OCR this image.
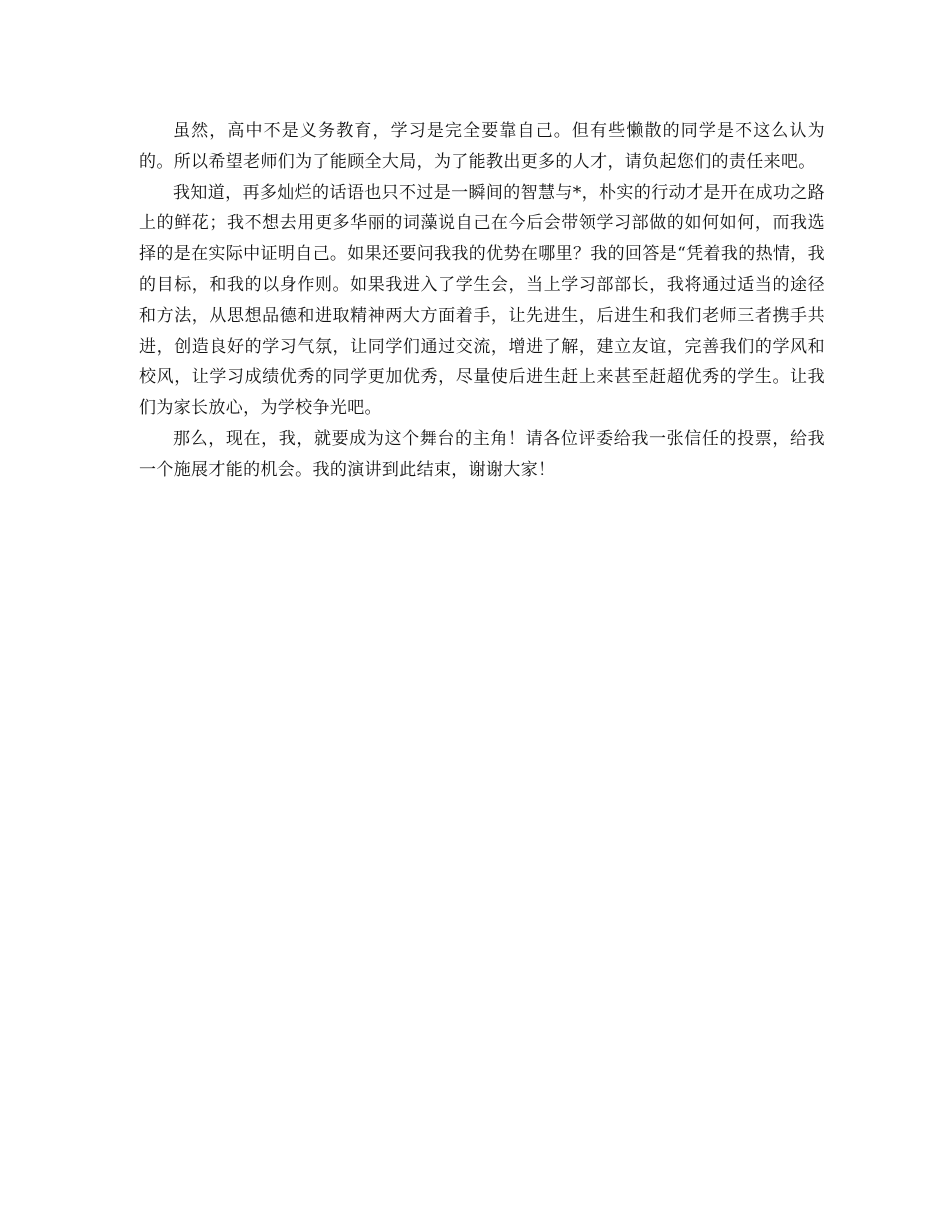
虽然，高中不是义务教育，学习是完全要靠自己。但有些懒散的同学是不这么认为的。所以希望老师们为了能顾全大局，为了能教出更多的人才，请负起您们的责任来吧。

我知道，再多灿烂的话语也只不过是一瞬间的智慧与*，朴实的行动才是开在成功之路上的鲜花；我不想去用更多华丽的词藻说自己在今后会带领学习部做的如何如何，而我选择的是在实际中证明自己。如果还要问我我的优势在哪里？我的回答是“凭着我的热情，我的目标，和我的以身作则。如果我进入了学生会，当上学习部部长，我将通过适当的途径和方法，从思想品德和进取精神两大方面着手，让先进生，后进生和我们老师三者携手共进，创造良好的学习气氛，让同学们通过交流，增进了解，建立友谊，完善我们的学风和校风，让学习成绩优秀的同学更加优秀，尽量使后进生赶上来甚至赶超优秀的学生。让我们为家长放心，为学校争光吧。

那么，现在，我，就要成为这个舞台的主角！请各位评委给我一张信任的投票，给我一个施展才能的机会。我的演讲到此结束，谢谢大家！
